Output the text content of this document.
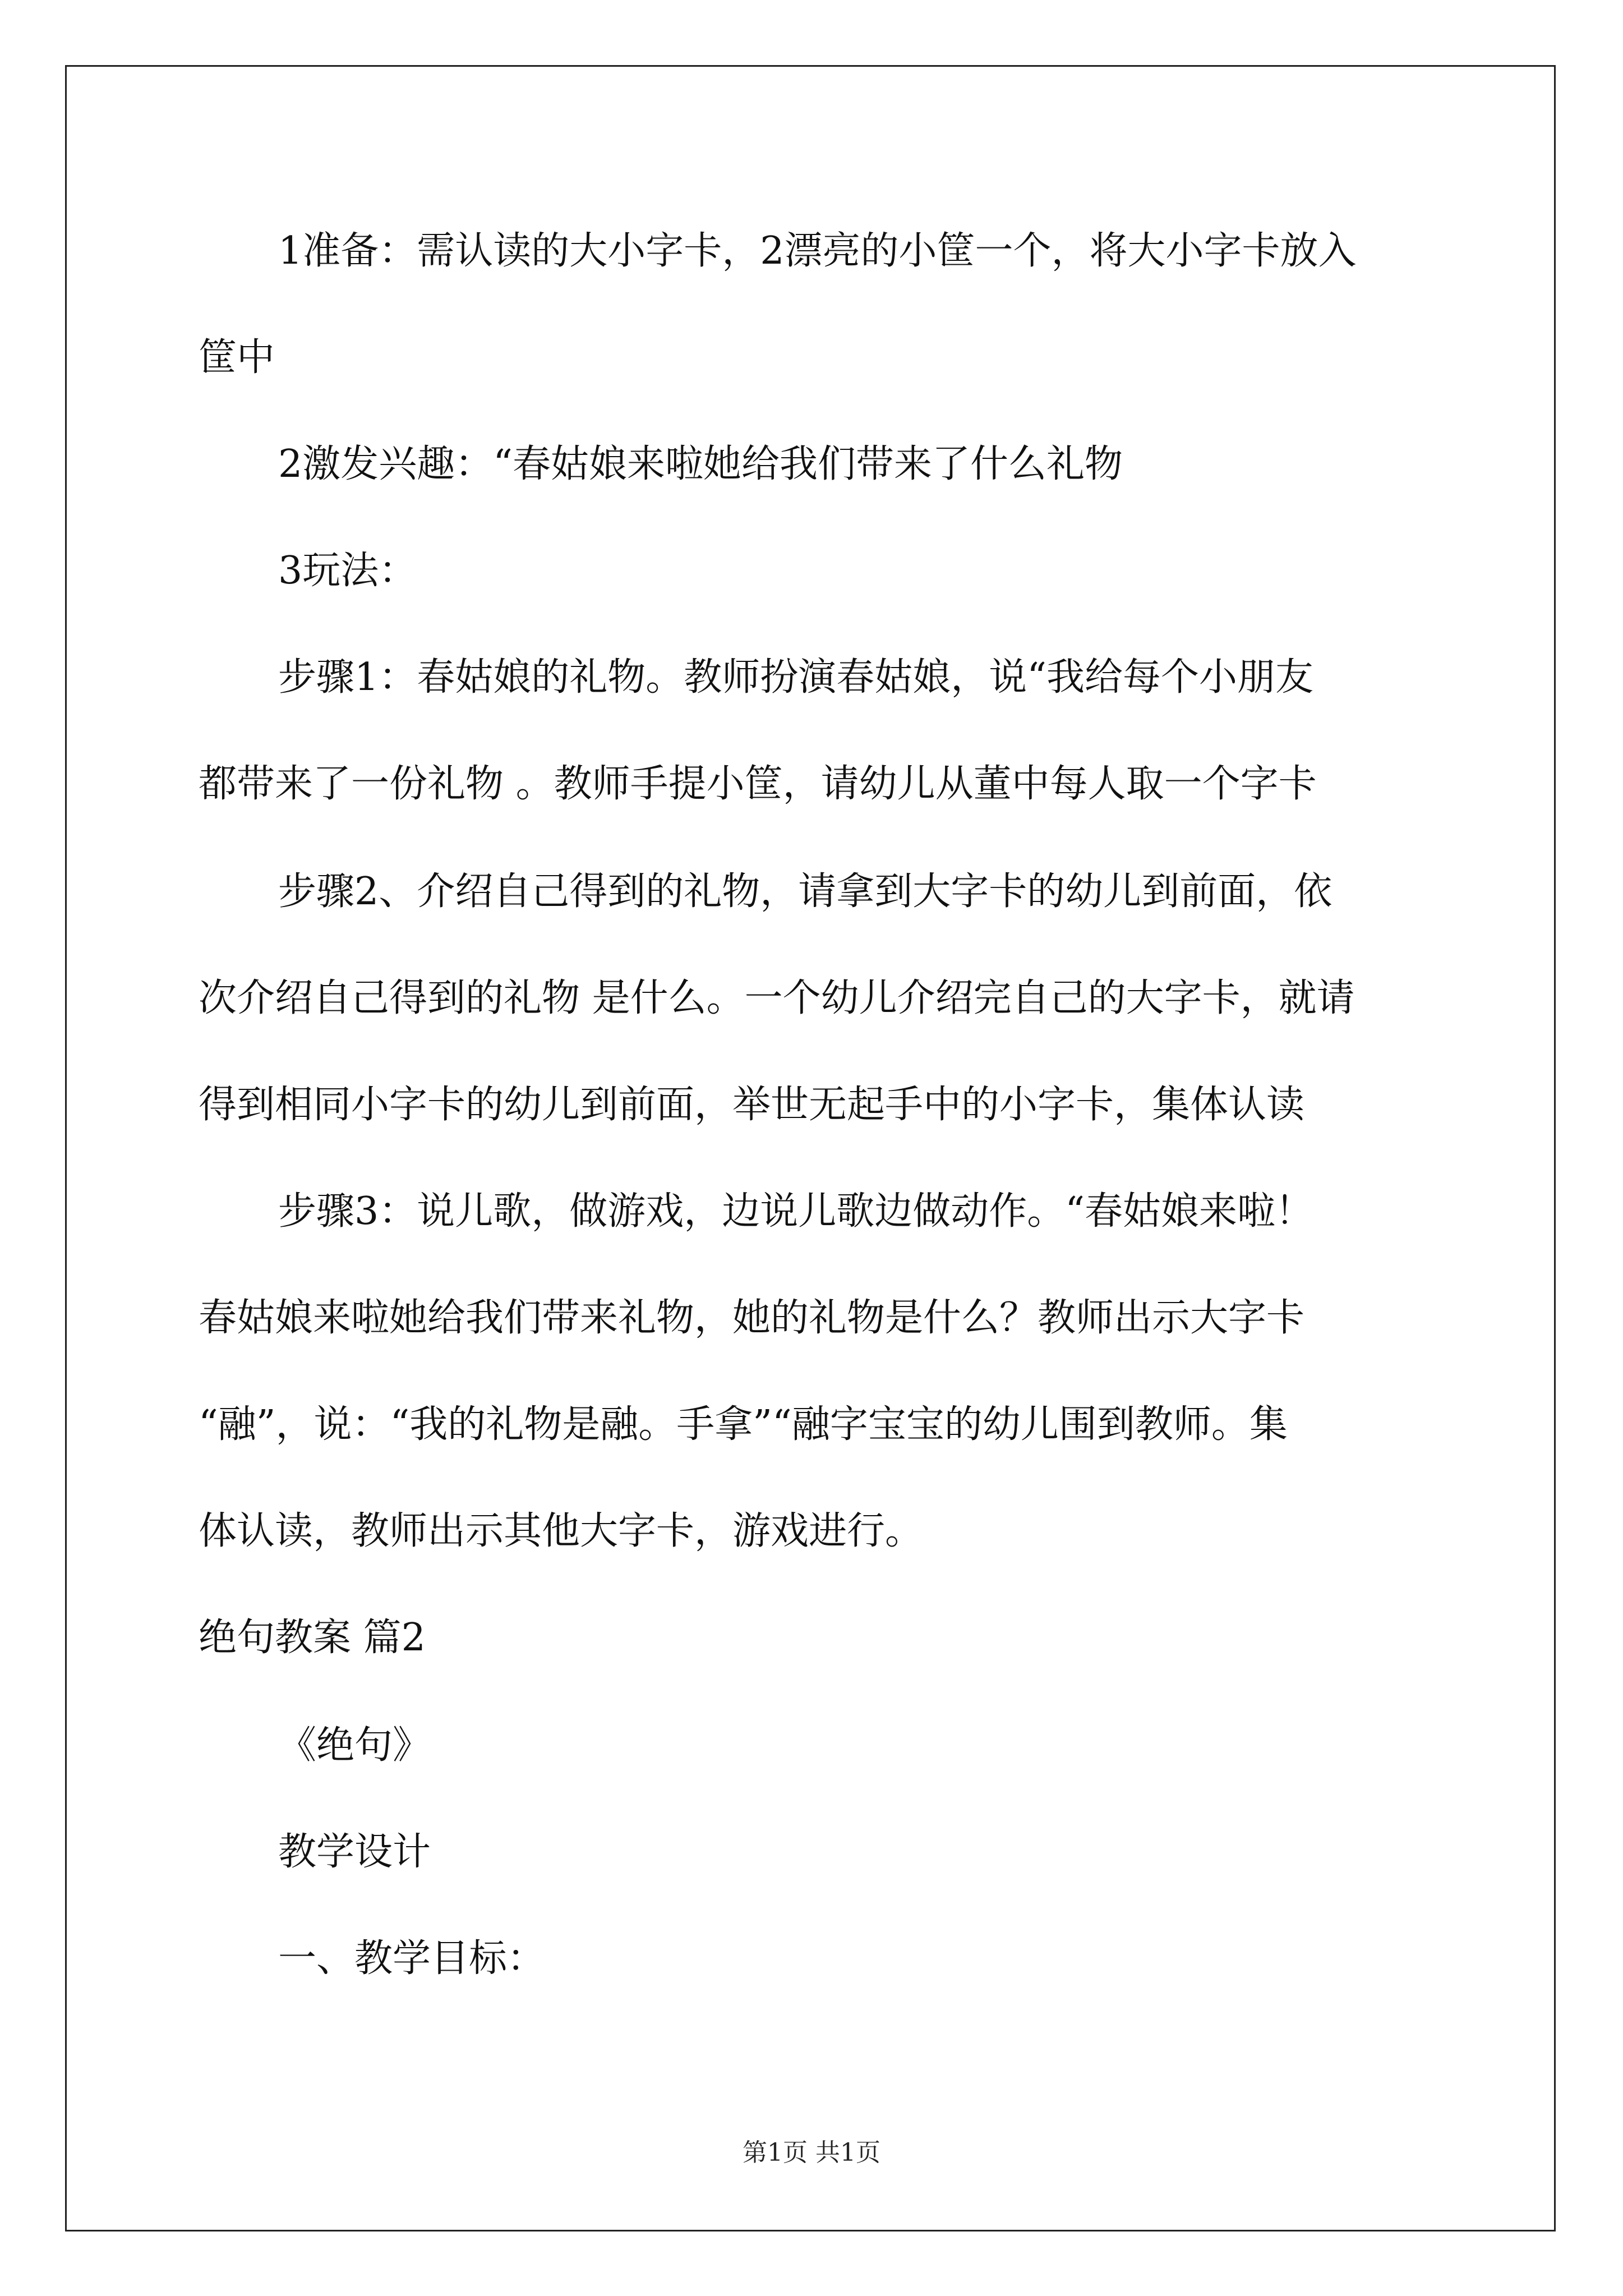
1准备：需认读的大小字卡，2漂亮的小筐一个，将大小字卡放入

筐中

2激发兴趣：“春姑娘来啦她给我们带来了什么礼物

3玩法：

步骤1：春姑娘的礼物。教师扮演春姑娘，说“我给每个小朋友

都带来了一份礼物 。教师手提小筐，请幼儿从董中每人取一个字卡

步骤2、介绍自己得到的礼物，请拿到大字卡的幼儿到前面，依

次介绍自己得到的礼物 是什么。一个幼儿介绍完自己的大字卡，就请

得到相同小字卡的幼儿到前面，举世无起手中的小字卡，集体认读

步骤3：说儿歌，做游戏，边说儿歌边做动作。“春姑娘来啦！

春姑娘来啦她给我们带来礼物，她的礼物是什么？教师出示大字卡

“融”，说：“我的礼物是融。手拿”“融字宝宝的幼儿围到教师。集

体认读，教师出示其他大字卡，游戏进行。

绝句教案 篇2

《绝句》

教学设计

一、教学目标：

第1页 共1页
